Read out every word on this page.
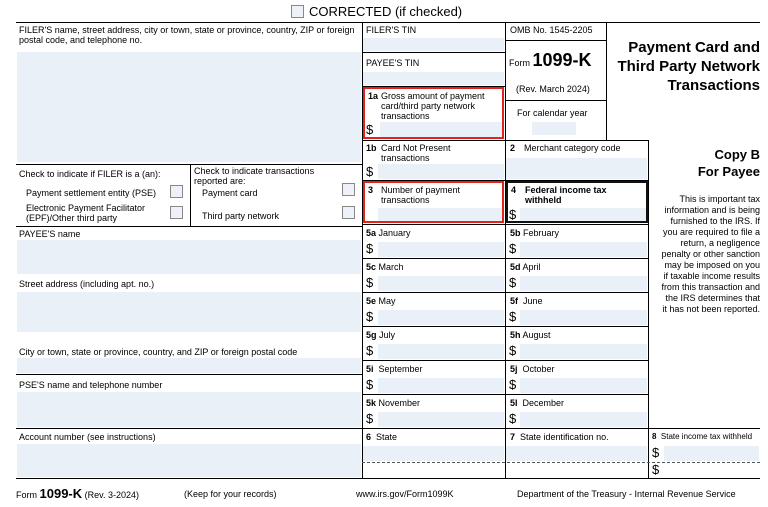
CORRECTED (if checked)
FILER'S name, street address, city or town, state or province, country, ZIP or foreign postal code, and telephone no.
FILER'S TIN
PAYEE'S TIN
Check to indicate if FILER is a (an):
Payment settlement entity (PSE)
Electronic Payment Facilitator (EPF)/Other third party
Check to indicate transactions reported are:
Payment card
Third party network
PAYEE'S name
Street address (including apt. no.)
City or town, state or province, country, and ZIP or foreign postal code
PSE'S name and telephone number
Account number (see instructions)
OMB No. 1545-2205
Form 1099-K
(Rev. March 2024)
For calendar year
Payment Card and Third Party Network Transactions
Copy B
For Payee
This is important tax information and is being furnished to the IRS. If you are required to file a return, a negligence penalty or other sanction may be imposed on you if taxable income results from this transaction and the IRS determines that it has not been reported.
1a Gross amount of payment card/third party network transactions
$
1b Card Not Present transactions
$
2 Merchant category code
3 Number of payment transactions
4 Federal income tax withheld
$
5a January
$
5b February
$
5c March
$
5d April
$
5e May
$
5f June
$
5g July
$
5h August
$
5i September
$
5j October
$
5k November
$
5l December
$
6 State	7 State identification no.	8 State income tax withheld
$
$
Form 1099-K (Rev. 3-2024)	(Keep for your records)	www.irs.gov/Form1099K	Department of the Treasury - Internal Revenue Service
